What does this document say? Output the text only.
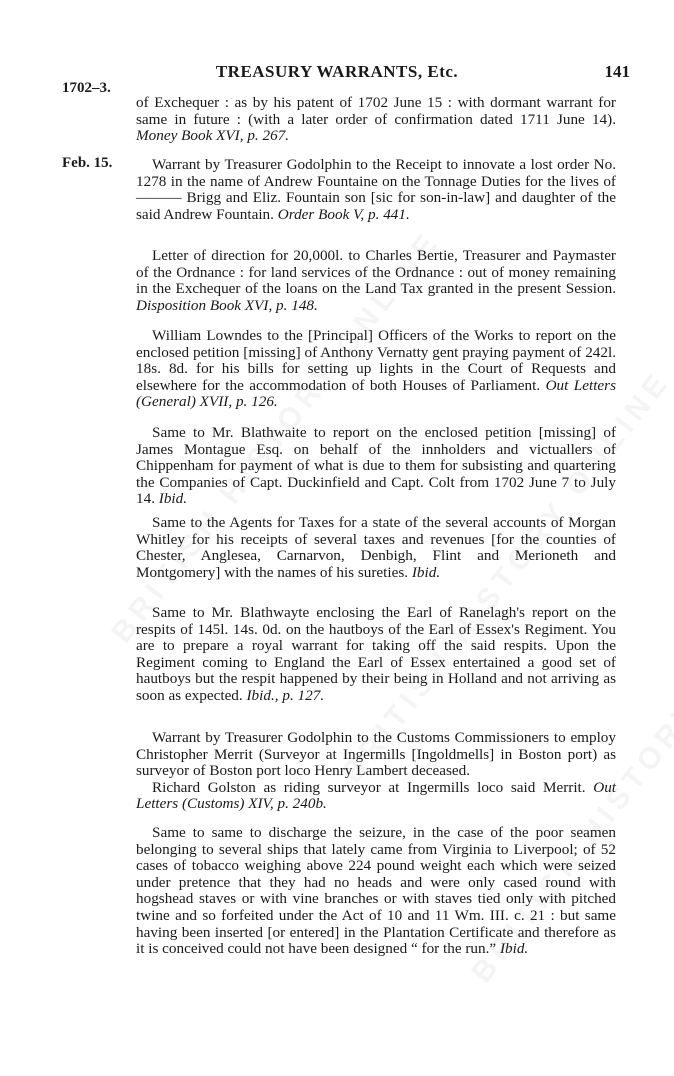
TREASURY WARRANTS, Etc.	141
1702–3.
Feb. 15.

of Exchequer : as by his patent of 1702 June 15 : with dormant warrant for same in future : (with a later order of confirmation dated 1711 June 14). Money Book XVI, p. 267.

Warrant by Treasurer Godolphin to the Receipt to innovate a lost order No. 1278 in the name of Andrew Fountaine on the Tonnage Duties for the lives of ——— Brigg and Eliz. Fountain son [sic for son-in-law] and daughter of the said Andrew Fountain. Order Book V, p. 441.

Letter of direction for 20,000l. to Charles Bertie, Treasurer and Paymaster of the Ordnance : for land services of the Ordnance : out of money remaining in the Exchequer of the loans on the Land Tax granted in the present Session. Disposition Book XVI, p. 148.

William Lowndes to the [Principal] Officers of the Works to report on the enclosed petition [missing] of Anthony Vernatty gent praying payment of 242l. 18s. 8d. for his bills for setting up lights in the Court of Requests and elsewhere for the accommodation of both Houses of Parliament. Out Letters (General) XVII, p. 126.

Same to Mr. Blathwaite to report on the enclosed petition [missing] of James Montague Esq. on behalf of the innholders and victuallers of Chippenham for payment of what is due to them for subsisting and quartering the Companies of Capt. Duckinfield and Capt. Colt from 1702 June 7 to July 14. Ibid.

Same to the Agents for Taxes for a state of the several accounts of Morgan Whitley for his receipts of several taxes and revenues [for the counties of Chester, Anglesea, Carnarvon, Denbigh, Flint and Merioneth and Montgomery] with the names of his sureties. Ibid.

Same to Mr. Blathwayte enclosing the Earl of Ranelagh's report on the respits of 145l. 14s. 0d. on the hautboys of the Earl of Essex's Regiment. You are to prepare a royal warrant for taking off the said respits. Upon the Regiment coming to England the Earl of Essex entertained a good set of hautboys but the respit happened by their being in Holland and not arriving as soon as expected. Ibid., p. 127.

Warrant by Treasurer Godolphin to the Customs Commissioners to employ Christopher Merrit (Surveyor at Ingermills [Ingoldmells] in Boston port) as surveyor of Boston port loco Henry Lambert deceased.

Richard Golston as riding surveyor at Ingermills loco said Merrit. Out Letters (Customs) XIV, p. 240b.

Same to same to discharge the seizure, in the case of the poor seamen belonging to several ships that lately came from Virginia to Liverpool; of 52 cases of tobacco weighing above 224 pound weight each which were seized under pretence that they had no heads and were only cased round with hogshead staves or with vine branches or with staves tied only with pitched twine and so forfeited under the Act of 10 and 11 Wm. III. c. 21 : but same having been inserted [or entered] in the Plantation Certificate and therefore as it is conceived could not have been designed “ for the run.” Ibid.
